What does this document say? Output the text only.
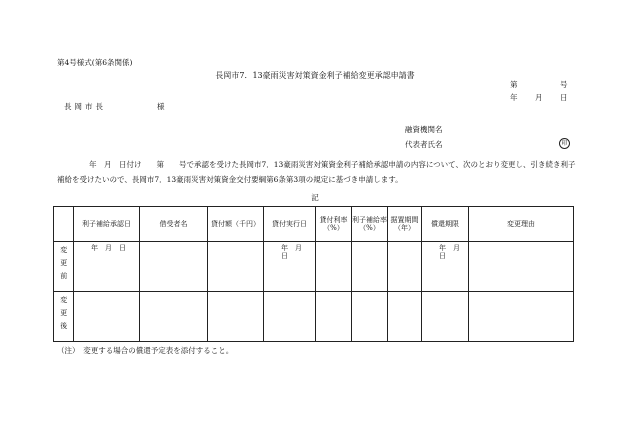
第4号様式(第6条関係)
長岡市7．13豪雨災害対策資金利子補給変更承認申請書
第	号
年 月 日
長岡市長	様
融資機関名
代表者氏名	印
年　月　日付け　　第　　号で承認を受けた長岡市7．13豪雨災害対策資金利子補給承認申請の内容について、次のとおり変更し、引き続き利子補給を受けたいので、長岡市7．13豪雨災害対策資金交付要綱第6条第3項の規定に基づき申請します。
記
	利子補給承認日	借受者名	貸付額（千円）	貸付実行日	貸付利率（%）	利子補給率（%）	据置期間（年）	償還期限	変更理由
変更前	年　月　日			年　月　日				年　月　日	
変更後									
（注）　変更する場合の償還予定表を添付すること。
